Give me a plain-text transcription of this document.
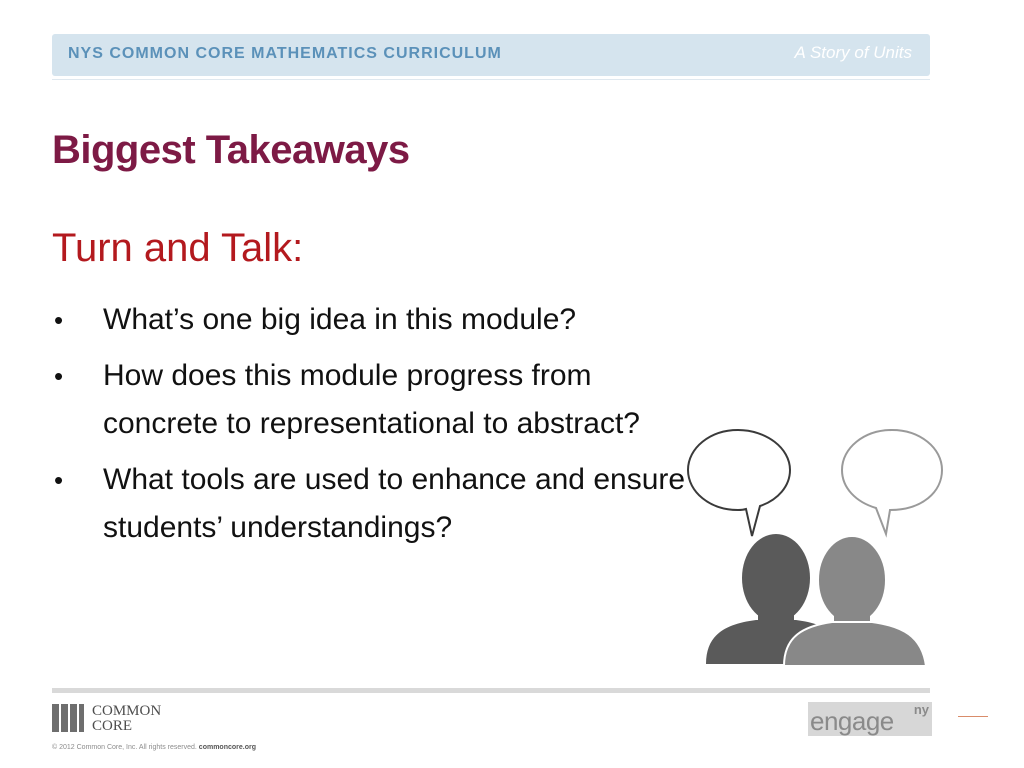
NYS COMMON CORE MATHEMATICS CURRICULUM	A Story of Units
Biggest Takeaways
Turn and Talk:
• What’s one big idea in this module?
• How does this module progress from concrete to representational to abstract?
• What tools are used to enhance and ensure students’ understandings?
COMMON
CORE
© 2012 Common Core, Inc. All rights reserved. commoncore.org
engage ny
